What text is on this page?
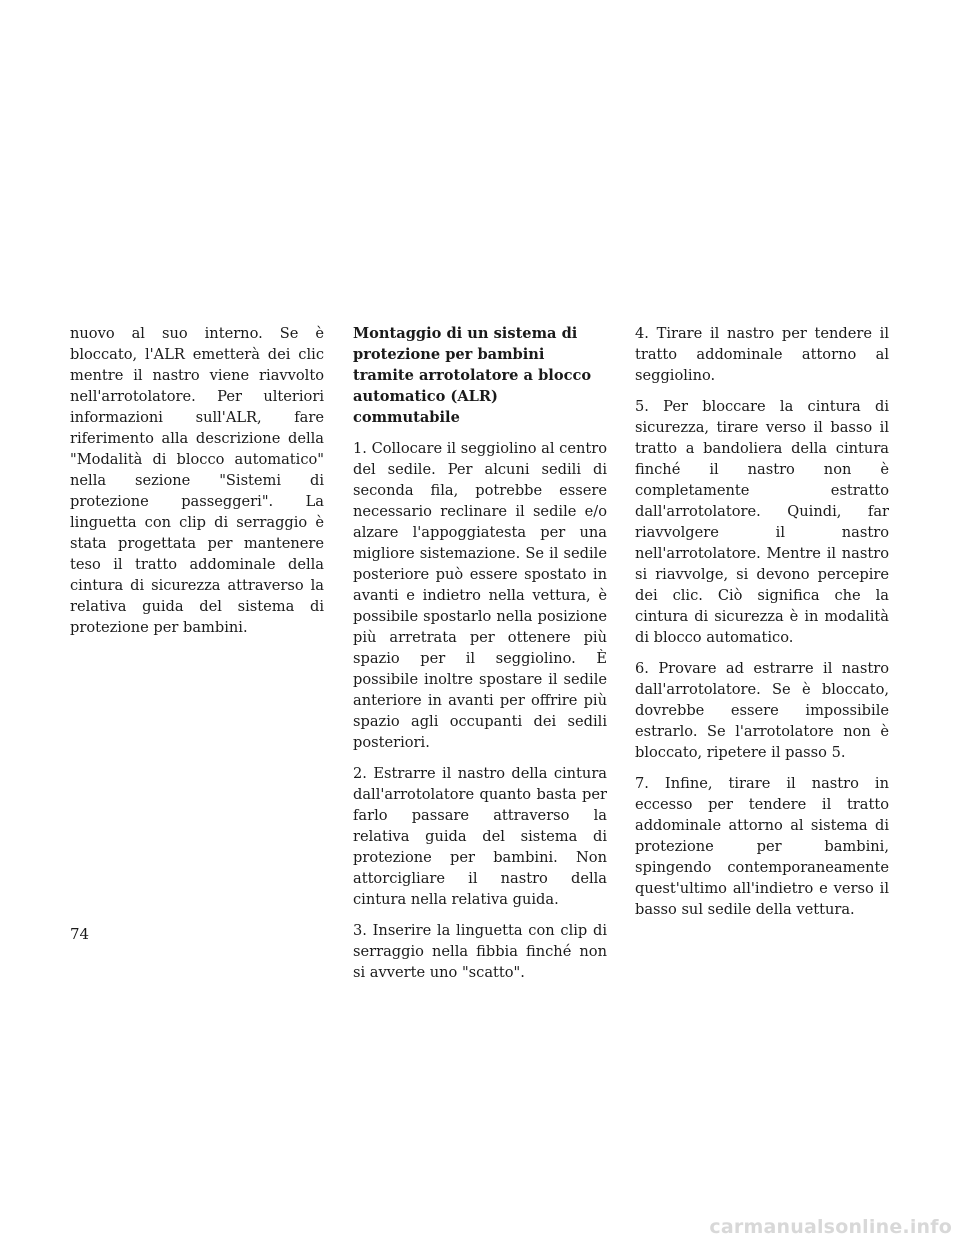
nuovo al suo interno. Se è bloccato, l'ALR emetterà dei clic mentre il nastro viene riavvolto nell'arrotolatore. Per ulteriori informazioni sull'ALR, fare riferimento alla descrizione della "Modalità di blocco automatico" nella sezione "Sistemi di protezione passeggeri". La linguetta con clip di serraggio è stata progettata per mantenere teso il tratto addominale della cintura di sicurezza attraverso la relativa guida del sistema di protezione per bambini.

Montaggio di un sistema di protezione per bambini tramite arrotolatore a blocco automatico (ALR) commutabile

1. Collocare il seggiolino al centro del sedile. Per alcuni sedili di seconda fila, potrebbe essere necessario reclinare il sedile e/o alzare l'appoggiatesta per una migliore sistemazione. Se il sedile posteriore può essere spostato in avanti e indietro nella vettura, è possibile spostarlo nella posizione più arretrata per ottenere più spazio per il seggiolino. È possibile inoltre spostare il sedile anteriore in avanti per offrire più spazio agli occupanti dei sedili posteriori.

2. Estrarre il nastro della cintura dall'arrotolatore quanto basta per farlo passare attraverso la relativa guida del sistema di protezione per bambini. Non attorcigliare il nastro della cintura nella relativa guida.

3. Inserire la linguetta con clip di serraggio nella fibbia finché non si avverte uno "scatto".

4. Tirare il nastro per tendere il tratto addominale attorno al seggiolino.

5. Per bloccare la cintura di sicurezza, tirare verso il basso il tratto a bandoliera della cintura finché il nastro non è completamente estratto dall'arrotolatore. Quindi, far riavvolgere il nastro nell'arrotolatore. Mentre il nastro si riavvolge, si devono percepire dei clic. Ciò significa che la cintura di sicurezza è in modalità di blocco automatico.

6. Provare ad estrarre il nastro dall'arrotolatore. Se è bloccato, dovrebbe essere impossibile estrarlo. Se l'arrotolatore non è bloccato, ripetere il passo 5.

7. Infine, tirare il nastro in eccesso per tendere il tratto addominale attorno al sistema di protezione per bambini, spingendo contemporaneamente quest'ultimo all'indietro e verso il basso sul sedile della vettura.

74
carmanualsonline.info
